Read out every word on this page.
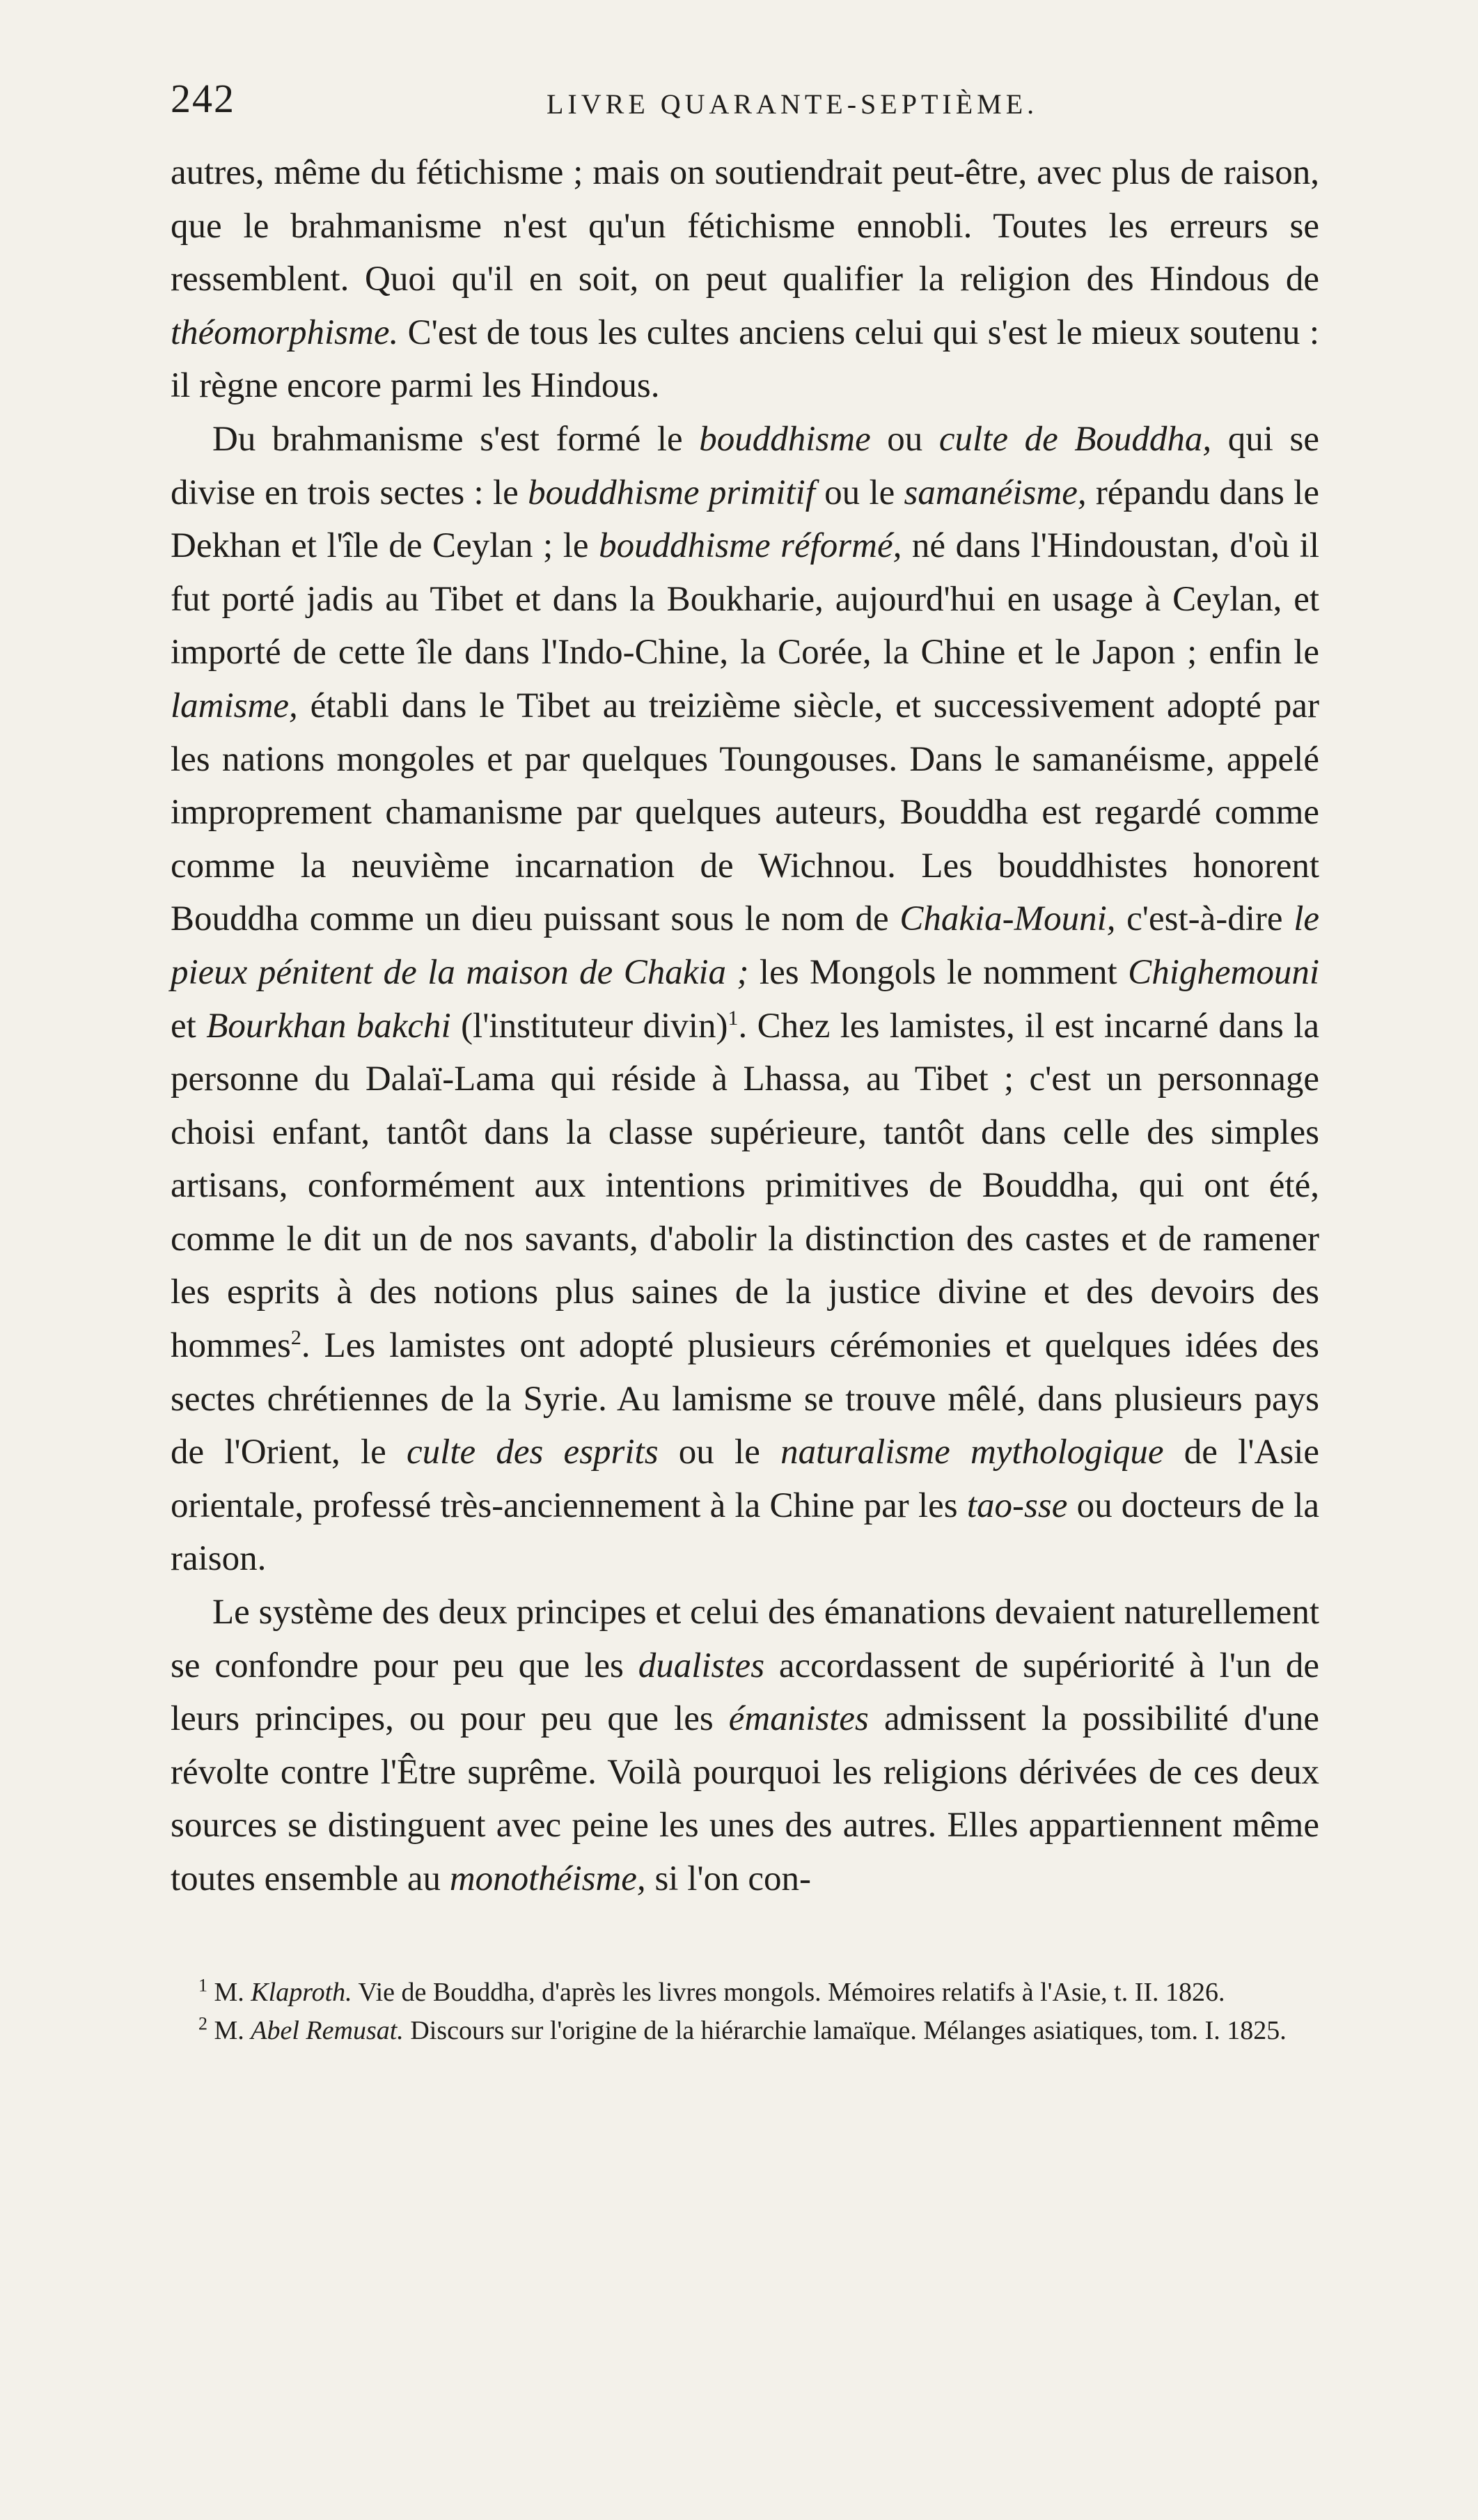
242	LIVRE QUARANTE-SEPTIÈME.

autres, même du fétichisme ; mais on soutiendrait peut-être, avec plus de raison, que le brahmanisme n'est qu'un fétichisme ennobli. Toutes les erreurs se ressemblent. Quoi qu'il en soit, on peut qualifier la religion des Hindous de théomorphisme. C'est de tous les cultes anciens celui qui s'est le mieux soutenu : il règne encore parmi les Hindous.

Du brahmanisme s'est formé le bouddhisme ou culte de Bouddha, qui se divise en trois sectes : le bouddhisme primitif ou le samanéisme, répandu dans le Dekhan et l'île de Ceylan ; le bouddhisme réformé, né dans l'Hindoustan, d'où il fut porté jadis au Tibet et dans la Boukharie, aujourd'hui en usage à Ceylan, et importé de cette île dans l'Indo-Chine, la Corée, la Chine et le Japon ; enfin le lamisme, établi dans le Tibet au treizième siècle, et successivement adopté par les nations mongoles et par quelques Toungouses. Dans le samanéisme, appelé improprement chamanisme par quelques auteurs, Bouddha est regardé comme comme la neuvième incarnation de Wichnou. Les bouddhistes honorent Bouddha comme un dieu puissant sous le nom de Chakia-Mouni, c'est-à-dire le pieux pénitent de la maison de Chakia ; les Mongols le nomment Chighemouni et Bourkhan bakchi (l'instituteur divin)$^1$. Chez les lamistes, il est incarné dans la personne du Dalaï-Lama qui réside à Lhassa, au Tibet ; c'est un personnage choisi enfant, tantôt dans la classe supérieure, tantôt dans celle des simples artisans, conformément aux intentions primitives de Bouddha, qui ont été, comme le dit un de nos savants, d'abolir la distinction des castes et de ramener les esprits à des notions plus saines de la justice divine et des devoirs des hommes$^2$. Les lamistes ont adopté plusieurs cérémonies et quelques idées des sectes chrétiennes de la Syrie. Au lamisme se trouve mêlé, dans plusieurs pays de l'Orient, le culte des esprits ou le naturalisme mythologique de l'Asie orientale, professé très-anciennement à la Chine par les tao-sse ou docteurs de la raison.

Le système des deux principes et celui des émanations devaient naturellement se confondre pour peu que les dualistes accordassent de supériorité à l'un de leurs principes, ou pour peu que les émanistes admissent la possibilité d'une révolte contre l'Être suprême. Voilà pourquoi les religions dérivées de ces deux sources se distinguent avec peine les unes des autres. Elles appartiennent même toutes ensemble au monothéisme, si l'on con-

$^1$ M. Klaproth. Vie de Bouddha, d'après les livres mongols. Mémoires relatifs à l'Asie, t. II. 1826.

$^2$ M. Abel Remusat. Discours sur l'origine de la hiérarchie lamaïque. Mélanges asiatiques, tom. I. 1825.
